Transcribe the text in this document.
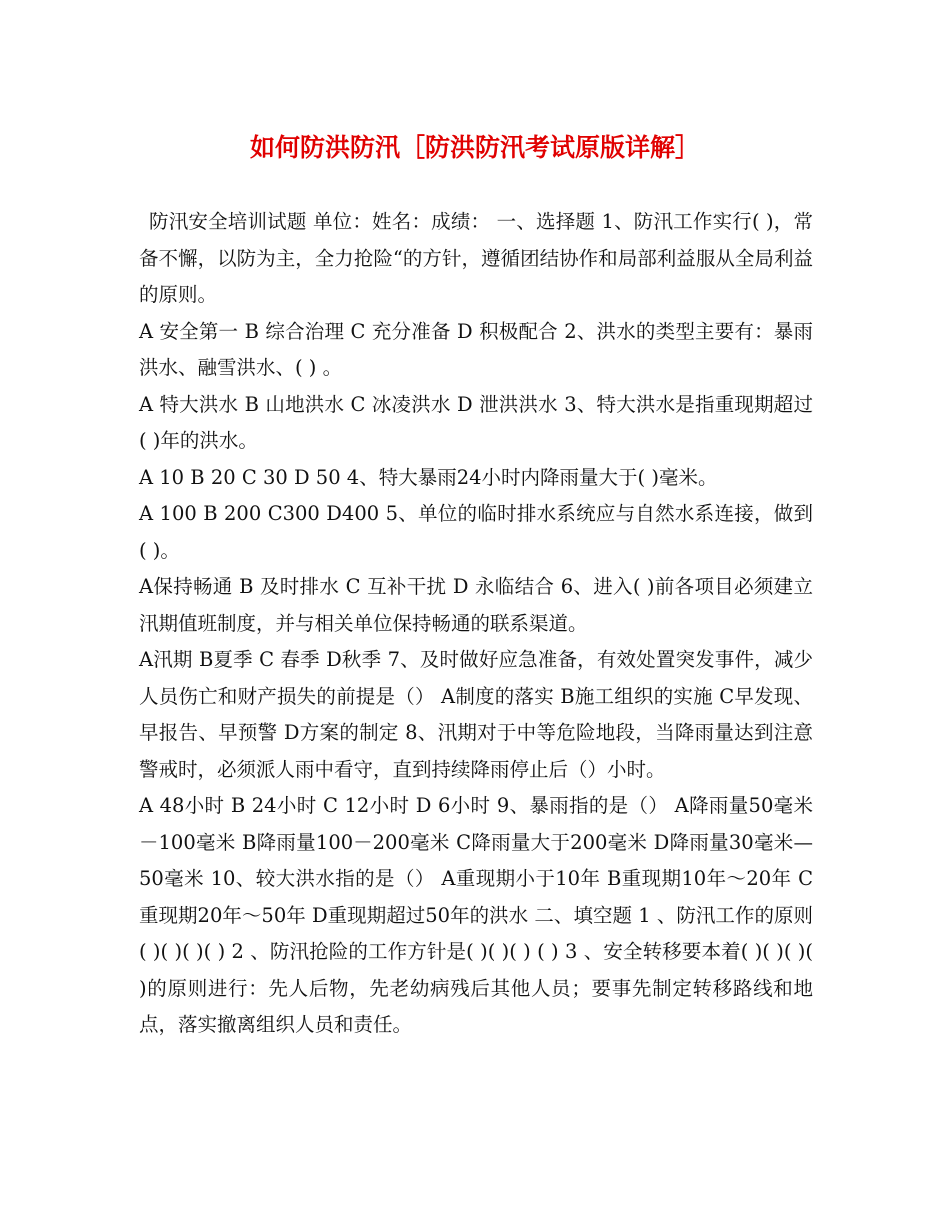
如何防洪防汛［防洪防汛考试原版详解］

防汛安全培训试题 单位：姓名：成绩： 一、选择题 1、防汛工作实行( )，常备不懈，以防为主，全力抢险“的方针，遵循团结协作和局部利益服从全局利益的原则。

A 安全第一 B 综合治理 C 充分准备 D 积极配合 2、洪水的类型主要有：暴雨洪水、融雪洪水、( ) 。

A 特大洪水 B 山地洪水 C 冰凌洪水 D 泄洪洪水 3、特大洪水是指重现期超过 ( )年的洪水。

A 10 B 20 C 30 D 50 4、特大暴雨24小时内降雨量大于( )毫米。

A 100 B 200 C300 D400 5、单位的临时排水系统应与自然水系连接，做到 ( )。

A保持畅通 B 及时排水 C 互补干扰 D 永临结合 6、进入( )前各项目必须建立汛期值班制度，并与相关单位保持畅通的联系渠道。

A汛期 B夏季 C 春季 D秋季 7、及时做好应急准备，有效处置突发事件，减少人员伤亡和财产损失的前提是（） A制度的落实 B施工组织的实施 C早发现、早报告、早预警 D方案的制定 8、汛期对于中等危险地段，当降雨量达到注意警戒时，必须派人雨中看守，直到持续降雨停止后（）小时。

A 48小时 B 24小时 C 12小时 D 6小时 9、暴雨指的是（） A降雨量50毫米－100毫米 B降雨量100－200毫米 C降雨量大于200毫米 D降雨量30毫米—50毫米 10、较大洪水指的是（） A重现期小于10年 B重现期10年～20年 C重现期20年～50年 D重现期超过50年的洪水 二、填空题 1 、防汛工作的原则( )( )( )( ) 2 、防汛抢险的工作方针是( )( )( ) ( ) 3 、安全转移要本着( )( )( )( )的原则进行：先人后物，先老幼病残后其他人员；要事先制定转移路线和地 点，落实撤离组织人员和责任。
